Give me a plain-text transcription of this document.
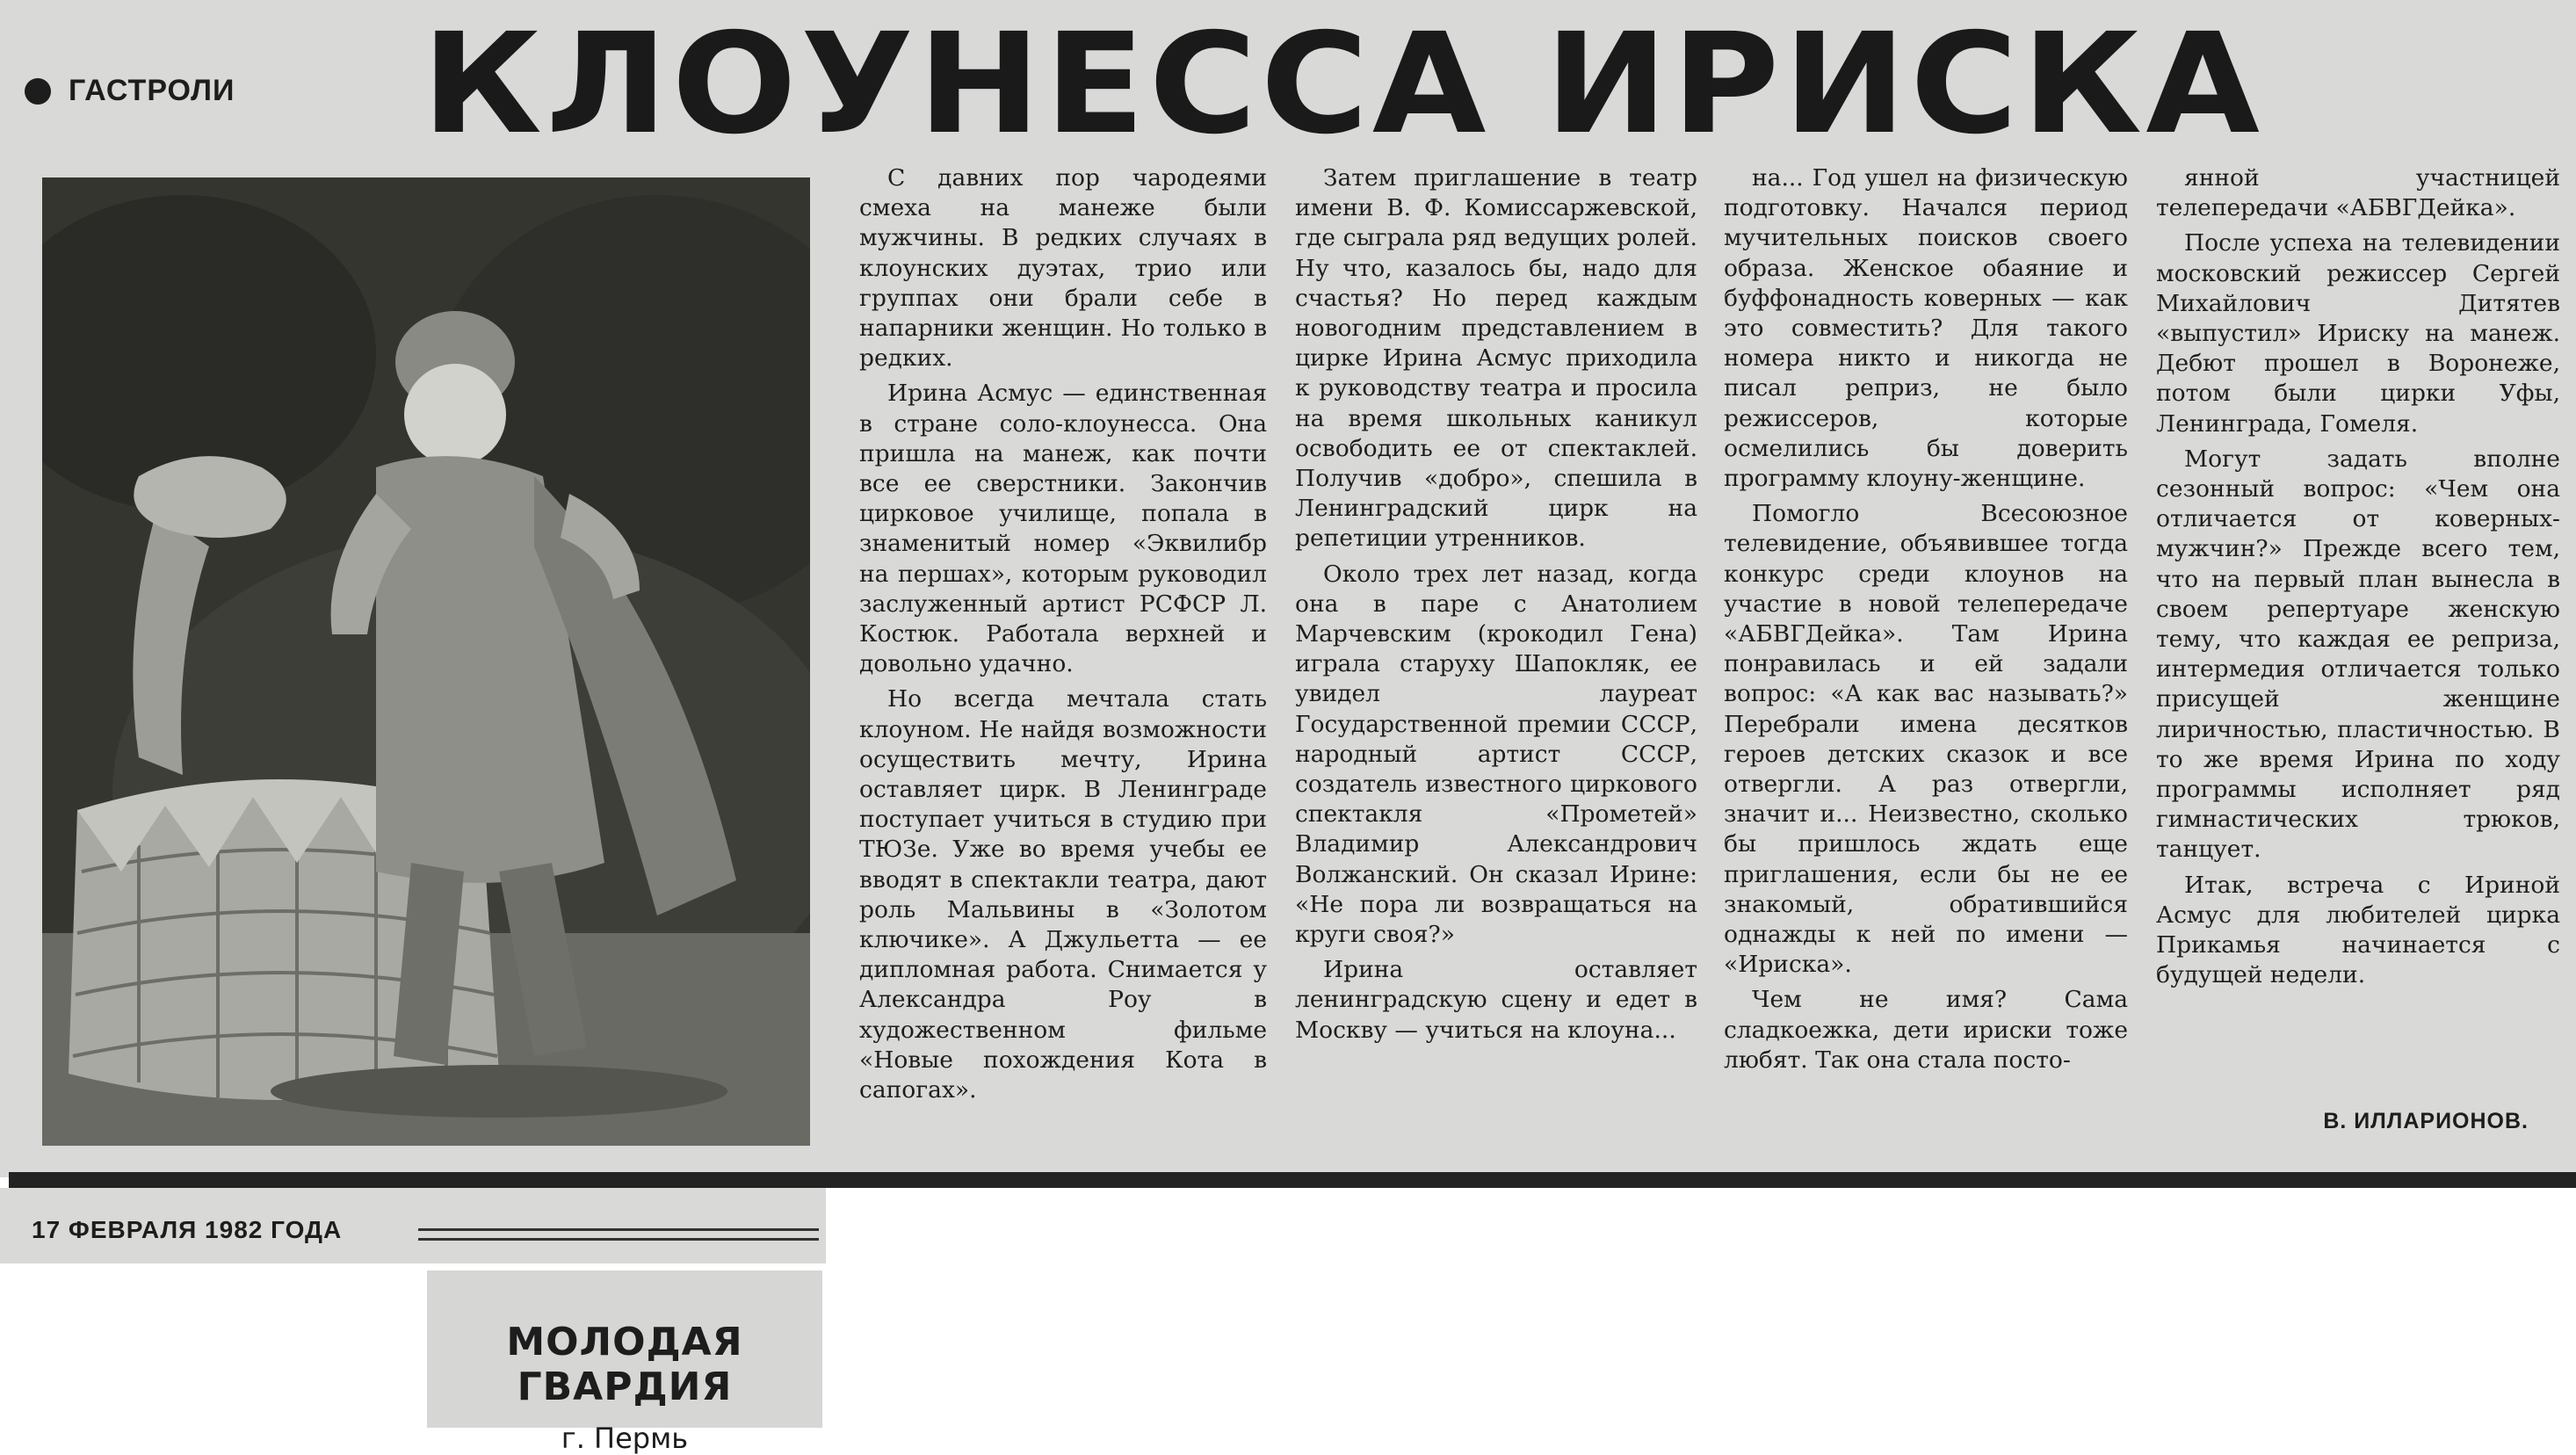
ГАСТРОЛИ КЛОУНЕССА ИРИСКА

С давних пор чародеями смеха на манеже были мужчины. В редких случаях в клоунских дуэтах, трио или группах они брали себе в напарники женщин. Но только в редких.

Ирина Асмус — единственная в стране соло-клоунесса. Она пришла на манеж, как почти все ее сверстники. Закончив цирковое училище, попала в знаменитый номер «Эквилибр на першах», которым руководил заслуженный артист РСФСР Л. Костюк. Работала верхней и довольно удачно.

Но всегда мечтала стать клоуном. Не найдя возможности осуществить мечту, Ирина оставляет цирк. В Ленинграде поступает учиться в студию при ТЮЗе. Уже во время учебы ее вводят в спектакли театра, дают роль Мальвины в «Золотом ключике». А Джульетта — ее дипломная работа. Снимается у Александра Роу в художественном фильме «Новые похождения Кота в сапогах».

Затем приглашение в театр имени В. Ф. Комиссаржевской, где сыграла ряд ведущих ролей. Ну что, казалось бы, надо для счастья? Но перед каждым новогодним представлением в цирке Ирина Асмус приходила к руководству театра и просила на время школьных каникул освободить ее от спектаклей. Получив «добро», спешила в Ленинградский цирк на репетиции утренников.

Около трех лет назад, когда она в паре с Анатолием Марчевским (крокодил Гена) играла старуху Шапокляк, ее увидел лауреат Государственной премии СССР, народный артист СССР, создатель известного циркового спектакля «Прометей» Владимир Александрович Волжанский. Он сказал Ирине: «Не пора ли возвращаться на круги своя?»

Ирина оставляет ленинградскую сцену и едет в Москву — учиться на клоуна...

на... Год ушел на физическую подготовку. Начался период мучительных поисков своего образа. Женское обаяние и буффонадность коверных — как это совместить? Для такого номера никто и никогда не писал реприз, не было режиссеров, которые осмелились бы доверить программу клоуну-женщине.

Помогло Всесоюзное телевидение, объявившее тогда конкурс среди клоунов на участие в новой телепередаче «АБВГДейка». Там Ирина понравилась и ей задали вопрос: «А как вас называть?» Перебрали имена десятков героев детских сказок и все отвергли. А раз отвергли, значит и... Неизвестно, сколько бы пришлось ждать еще приглашения, если бы не ее знакомый, обратившийся однажды к ней по имени — «Ириска».

Чем не имя? Сама сладкоежка, дети ириски тоже любят. Так она стала посто-

янной участницей телепередачи «АБВГДейка».

После успеха на телевидении московский режиссер Сергей Михайлович Дитятев «выпустил» Ириску на манеж. Дебют прошел в Воронеже, потом были цирки Уфы, Ленинграда, Гомеля.

Могут задать вполне сезонный вопрос: «Чем она отличается от коверных-мужчин?» Прежде всего тем, что на первый план вынесла в своем репертуаре женскую тему, что каждая ее реприза, интермедия отличается только присущей женщине лиричностью, пластичностью. В то же время Ирина по ходу программы исполняет ряд гимнастических трюков, танцует.

Итак, встреча с Ириной Асмус для любителей цирка Прикамья начинается с будущей недели.

В. ИЛЛАРИОНОВ.
17 ФЕВРАЛЯ 1982 ГОДА
МОЛОДАЯ ГВАРДИЯ
г. Пермь
